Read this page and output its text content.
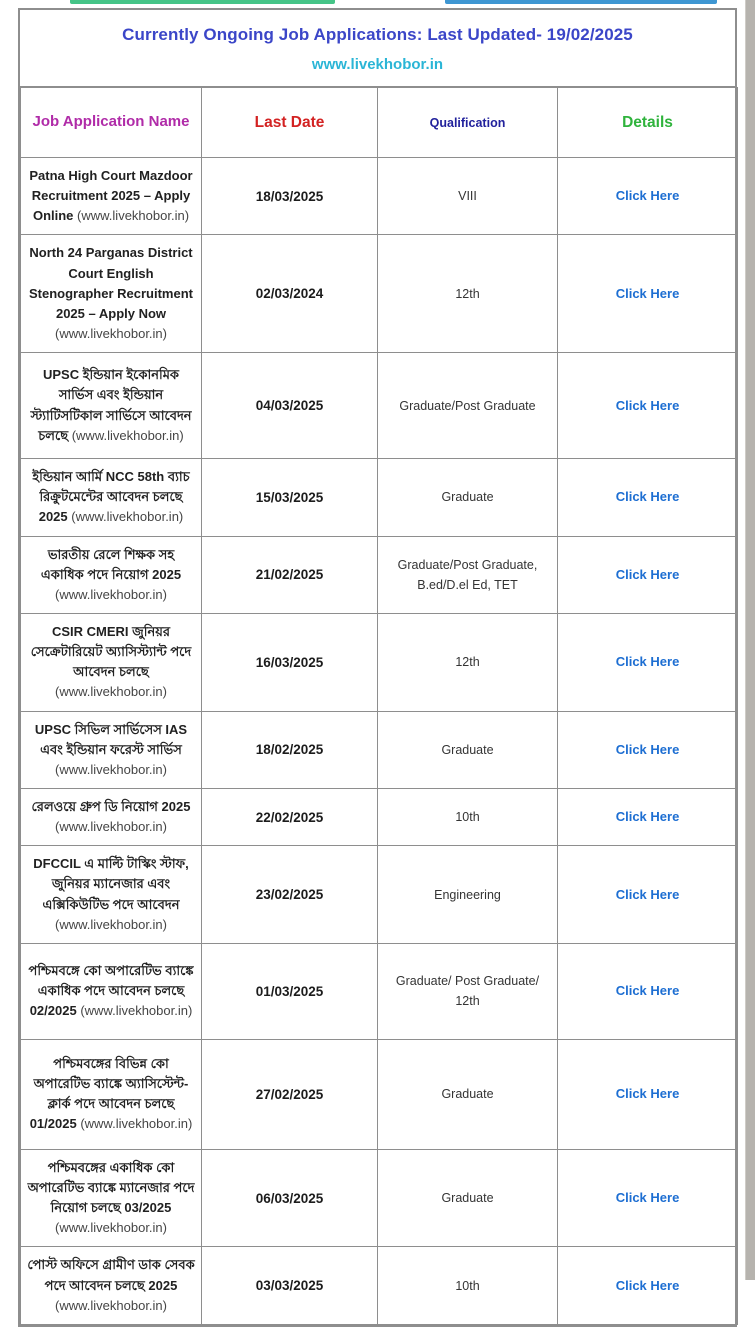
Currently Ongoing Job Applications: Last Updated- 19/02/2025
www.livekhobor.in
Job Application Name	Last Date	Qualification	Details
Patna High Court Mazdoor Recruitment 2025 – Apply Online (www.livekhobor.in)	18/03/2025	VIII	Click Here
North 24 Parganas District Court English Stenographer Recruitment 2025 – Apply Now (www.livekhobor.in)	02/03/2024	12th	Click Here
UPSC ইন্ডিয়ান ইকোনমিক সার্ভিস এবং ইন্ডিয়ান স্ট্যাটিসটিকাল সার্ভিসে আবেদন চলছে (www.livekhobor.in)	04/03/2025	Graduate/Post Graduate	Click Here
ইন্ডিয়ান আর্মি NCC 58th ব্যাচ রিক্রুটমেন্টের আবেদন চলছে 2025 (www.livekhobor.in)	15/03/2025	Graduate	Click Here
ভারতীয় রেলে শিক্ষক সহ একাধিক পদে নিয়োগ 2025 (www.livekhobor.in)	21/02/2025	Graduate/Post Graduate, B.ed/D.el Ed, TET	Click Here
CSIR CMERI জুনিয়র সেক্রেটারিয়েট অ্যাসিস্ট্যান্ট পদে আবেদন চলছে (www.livekhobor.in)	16/03/2025	12th	Click Here
UPSC সিভিল সার্ভিসেস IAS এবং ইন্ডিয়ান ফরেস্ট সার্ভিস (www.livekhobor.in)	18/02/2025	Graduate	Click Here
রেলওয়ে গ্রুপ ডি নিয়োগ 2025 (www.livekhobor.in)	22/02/2025	10th	Click Here
DFCCIL এ মাল্টি টাস্কিং স্টাফ, জুনিয়র ম্যানেজার এবং এক্সিকিউটিভ পদে আবেদন (www.livekhobor.in)	23/02/2025	Engineering	Click Here
পশ্চিমবঙ্গে কো অপারেটিভ ব্যাঙ্কে একাধিক পদে আবেদন চলছে 02/2025 (www.livekhobor.in)	01/03/2025	Graduate/ Post Graduate/ 12th	Click Here
পশ্চিমবঙ্গের বিভিন্ন কো অপারেটিভ ব্যাঙ্কে অ্যাসিস্টেন্ট-ক্লার্ক পদে আবেদন চলছে 01/2025 (www.livekhobor.in)	27/02/2025	Graduate	Click Here
পশ্চিমবঙ্গের একাধিক কো অপারেটিভ ব্যাঙ্কে ম্যানেজার পদে নিয়োগ চলছে 03/2025 (www.livekhobor.in)	06/03/2025	Graduate	Click Here
পোস্ট অফিসে গ্রামীণ ডাক সেবক পদে আবেদন চলছে 2025 (www.livekhobor.in)	03/03/2025	10th	Click Here
